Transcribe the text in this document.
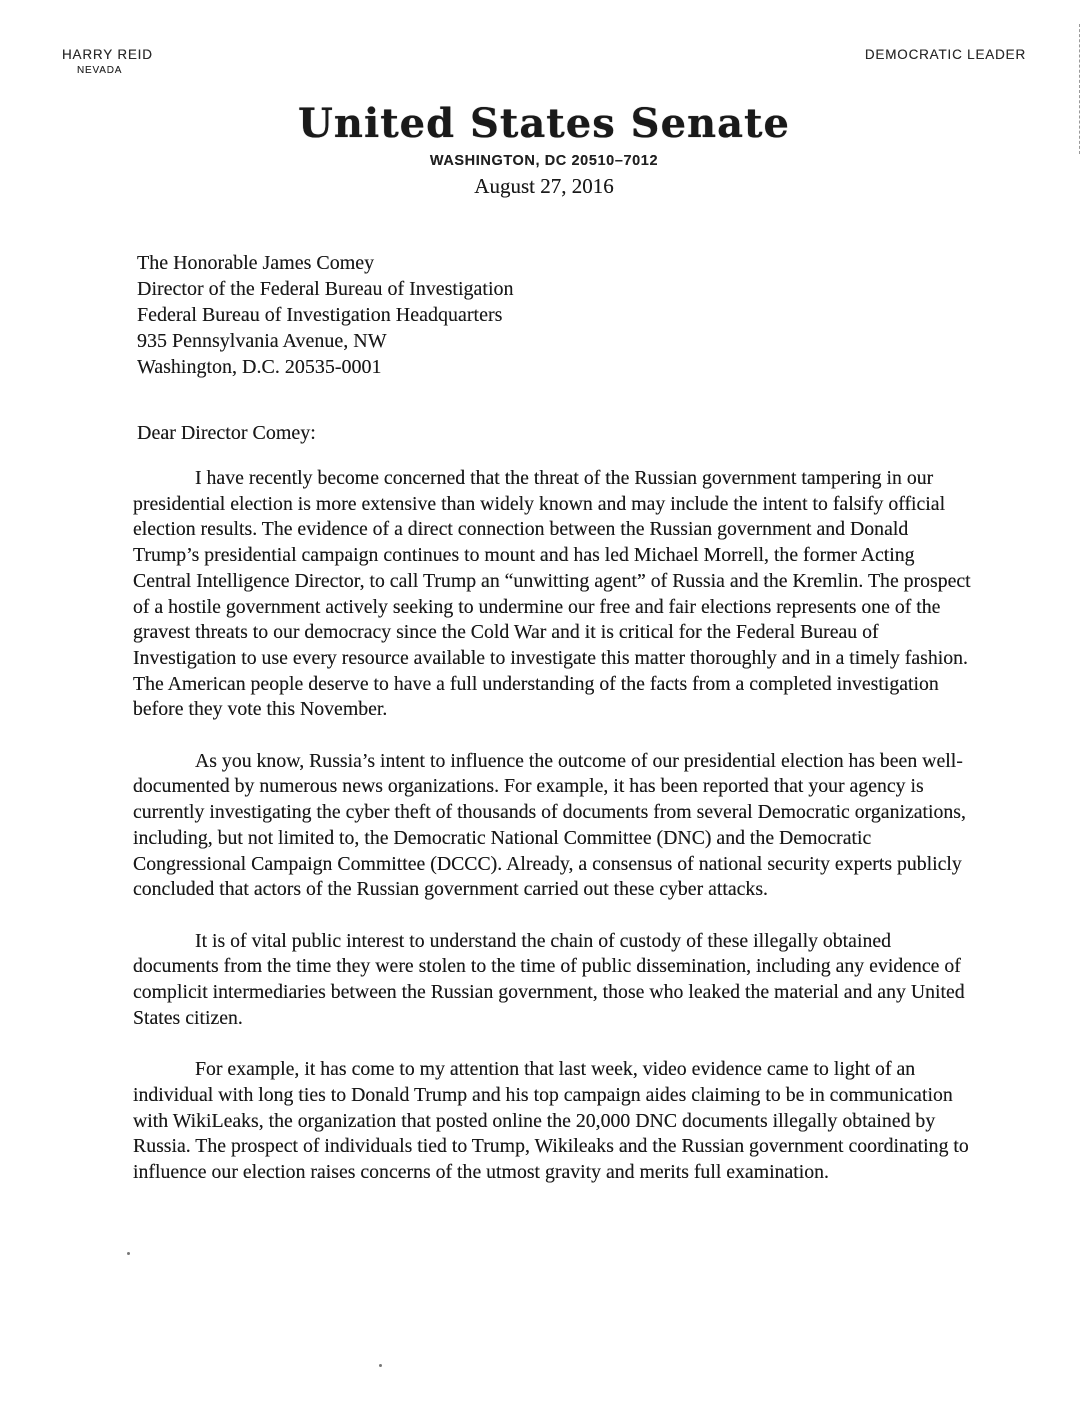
HARRY REID
NEVADA
DEMOCRATIC LEADER
United States Senate
WASHINGTON, DC 20510–7012
August 27, 2016
The Honorable James Comey
Director of the Federal Bureau of Investigation
Federal Bureau of Investigation Headquarters
935 Pennsylvania Avenue, NW
Washington, D.C. 20535-0001
Dear Director Comey:

I have recently become concerned that the threat of the Russian government tampering in our presidential election is more extensive than widely known and may include the intent to falsify official election results. The evidence of a direct connection between the Russian government and Donald Trump’s presidential campaign continues to mount and has led Michael Morrell, the former Acting Central Intelligence Director, to call Trump an “unwitting agent” of Russia and the Kremlin. The prospect of a hostile government actively seeking to undermine our free and fair elections represents one of the gravest threats to our democracy since the Cold War and it is critical for the Federal Bureau of Investigation to use every resource available to investigate this matter thoroughly and in a timely fashion. The American people deserve to have a full understanding of the facts from a completed investigation before they vote this November.

As you know, Russia’s intent to influence the outcome of our presidential election has been well-documented by numerous news organizations. For example, it has been reported that your agency is currently investigating the cyber theft of thousands of documents from several Democratic organizations, including, but not limited to, the Democratic National Committee (DNC) and the Democratic Congressional Campaign Committee (DCCC). Already, a consensus of national security experts publicly concluded that actors of the Russian government carried out these cyber attacks.

It is of vital public interest to understand the chain of custody of these illegally obtained documents from the time they were stolen to the time of public dissemination, including any evidence of complicit intermediaries between the Russian government, those who leaked the material and any United States citizen.

For example, it has come to my attention that last week, video evidence came to light of an individual with long ties to Donald Trump and his top campaign aides claiming to be in communication with WikiLeaks, the organization that posted online the 20,000 DNC documents illegally obtained by Russia. The prospect of individuals tied to Trump, Wikileaks and the Russian government coordinating to influence our election raises concerns of the utmost gravity and merits full examination.
